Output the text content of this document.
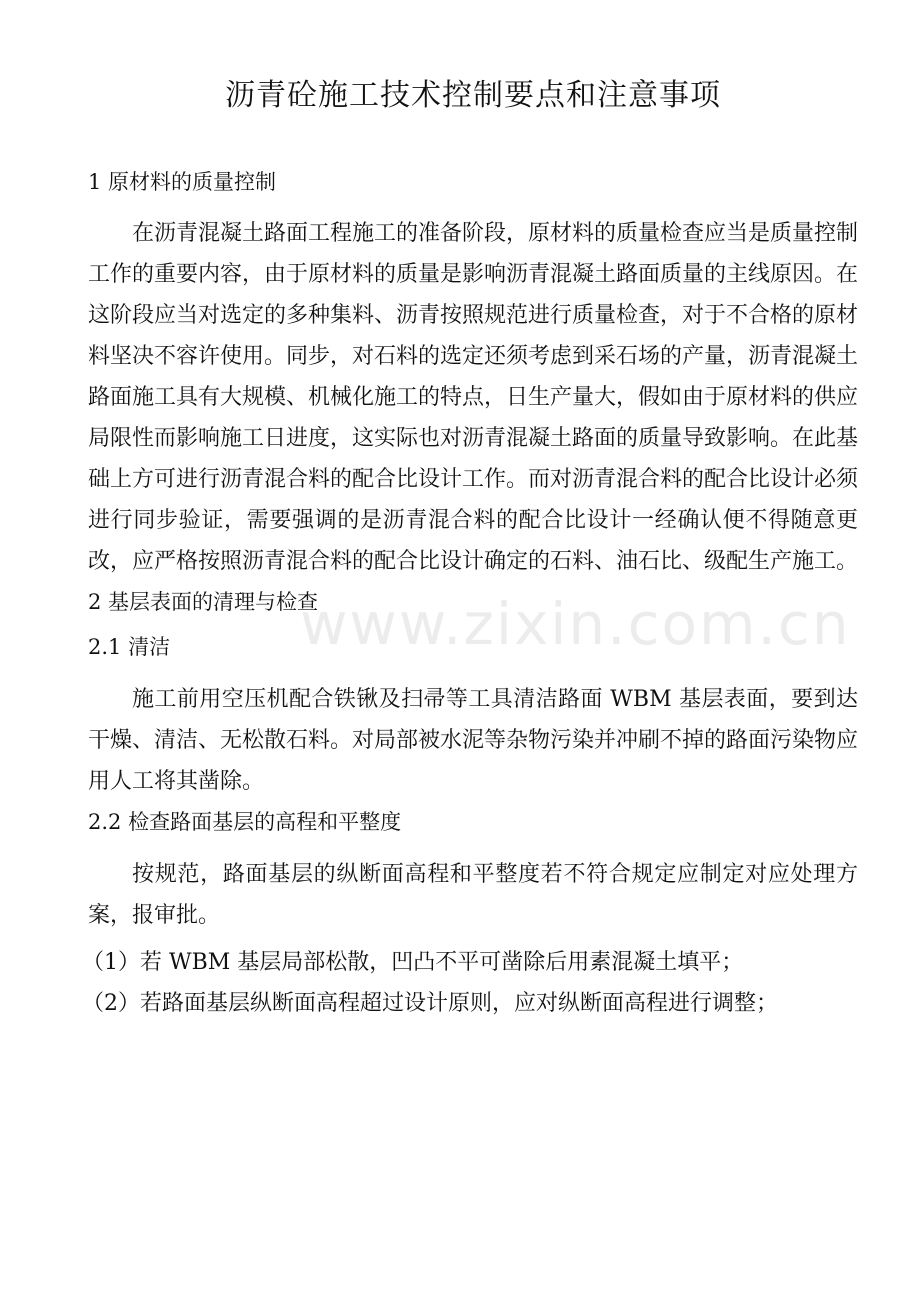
沥青砼施工技术控制要点和注意事项

1 原材料的质量控制

在沥青混凝土路面工程施工的准备阶段，原材料的质量检查应当是质量控制工作的重要内容，由于原材料的质量是影响沥青混凝土路面质量的主线原因。在这阶段应当对选定的多种集料、沥青按照规范进行质量检查，对于不合格的原材料坚决不容许使用。同步，对石料的选定还须考虑到采石场的产量，沥青混凝土路面施工具有大规模、机械化施工的特点，日生产量大，假如由于原材料的供应局限性而影响施工日进度，这实际也对沥青混凝土路面的质量导致影响。在此基础上方可进行沥青混合料的配合比设计工作。而对沥青混合料的配合比设计必须进行同步验证，需要强调的是沥青混合料的配合比设计一经确认便不得随意更改，应严格按照沥青混合料的配合比设计确定的石料、油石比、级配生产施工。

2 基层表面的清理与检查

2.1 清洁

施工前用空压机配合铁锹及扫帚等工具清洁路面 WBM 基层表面，要到达干燥、清洁、无松散石料。对局部被水泥等杂物污染并冲刷不掉的路面污染物应用人工将其凿除。

2.2 检查路面基层的高程和平整度

按规范，路面基层的纵断面高程和平整度若不符合规定应制定对应处理方案，报审批。

（1）若 WBM 基层局部松散，凹凸不平可凿除后用素混凝土填平；

（2）若路面基层纵断面高程超过设计原则，应对纵断面高程进行调整；

www.zixin.com.cn
